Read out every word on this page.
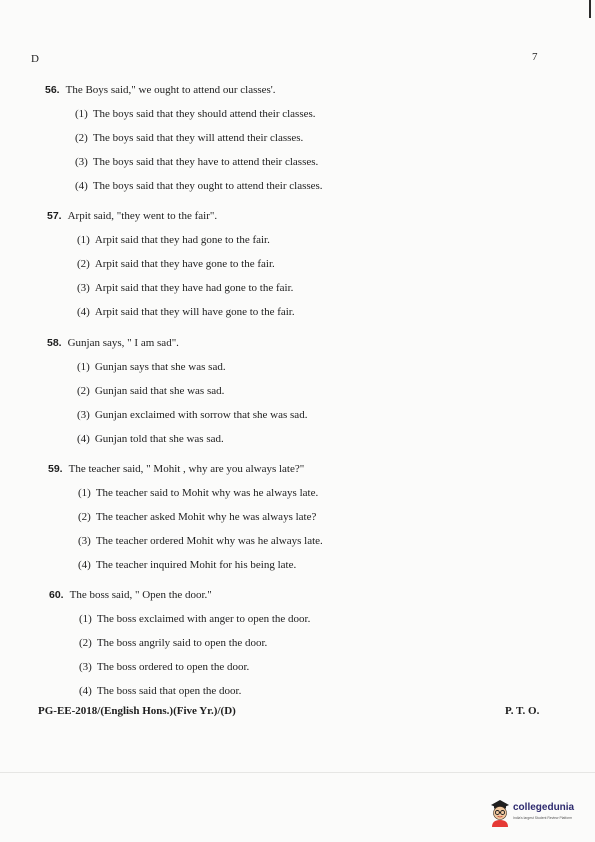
D	7
56. The Boys said," we ought to attend our classes'.
(1) The boys said that they should attend their classes.
(2) The boys said that they will attend their classes.
(3) The boys said that they have to attend their classes.
(4) The boys said that they ought to attend their classes.
57. Arpit said, "they went to the fair".
(1) Arpit said that they had gone to the fair.
(2) Arpit said that they have gone to the fair.
(3) Arpit said that they have had gone to the fair.
(4) Arpit said that they will have gone to the fair.
58. Gunjan says, " I am sad".
(1) Gunjan says that she was sad.
(2) Gunjan said that she was sad.
(3) Gunjan exclaimed with sorrow that she was sad.
(4) Gunjan told that she was sad.
59. The teacher said, " Mohit , why are you always late?"
(1) The teacher said to Mohit why was he always late.
(2) The teacher asked Mohit why he was always late?
(3) The teacher ordered Mohit why was he always late.
(4) The teacher inquired Mohit for his being late.
60. The boss said, " Open the door."
(1) The boss exclaimed with anger to open the door.
(2) The boss angrily said to open the door.
(3) The boss ordered to open the door.
(4) The boss said that open the door.
PG-EE-2018/(English Hons.)(Five Yr.)/(D)	P. T. O.
collegedunia
India's largest Student Review Platform
